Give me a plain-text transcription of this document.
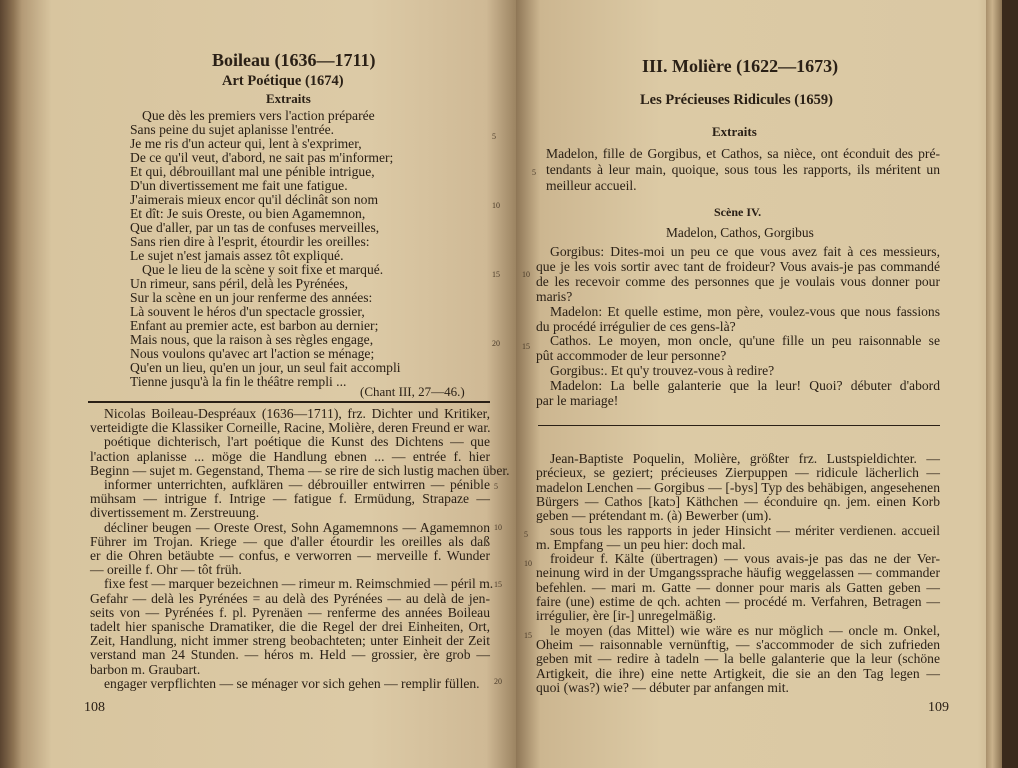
Boileau (1636—1711)
Art Poétique (1674)
Extraits
Que dès les premiers vers l'action préparée
Sans peine du sujet aplanisse l'entrée.
Je me ris d'un acteur qui, lent à s'exprimer,
De ce qu'il veut, d'abord, ne sait pas m'informer;
Et qui, débrouillant mal une pénible intrigue,
D'un divertissement me fait une fatigue.
J'aimerais mieux encor qu'il déclinât son nom
Et dît: Je suis Oreste, ou bien Agamemnon,
Que d'aller, par un tas de confuses merveilles,
Sans rien dire à l'esprit, étourdir les oreilles:
Le sujet n'est jamais assez tôt expliqué.
Que le lieu de la scène y soit fixe et marqué.
Un rimeur, sans péril, delà les Pyrénées,
Sur la scène en un jour renferme des années:
Là souvent le héros d'un spectacle grossier,
Enfant au premier acte, est barbon au dernier;
Mais nous, que la raison à ses règles engage,
Nous voulons qu'avec art l'action se ménage;
Qu'en un lieu, qu'en un jour, un seul fait accompli
Tienne jusqu'à la fin le théâtre rempli ...
5
10
15
20
(Chant III, 27—46.)
Nicolas Boileau-Despréaux (1636—1711), frz. Dichter und Kritiker,
verteidigte die Klassiker Corneille, Racine, Molière, deren Freund er war.
poétique dichterisch, l'art poétique die Kunst des Dichtens — que
l'action aplanisse ... möge die Handlung ebnen ... — entrée f. hier
Beginn — sujet m. Gegenstand, Thema — se rire de sich lustig machen über.
informer unterrichten, aufklären — débrouiller entwirren — pénible
mühsam — intrigue f. Intrige — fatigue f. Ermüdung, Strapaze —
divertissement m. Zerstreuung.
décliner beugen — Oreste Orest, Sohn Agamemnons — Agamemnon
Führer im Trojan. Kriege — que d'aller étourdir les oreilles als daß
er die Ohren betäubte — confus, e verworren — merveille f. Wunder
— oreille f. Ohr — tôt früh.
fixe fest — marquer bezeichnen — rimeur m. Reimschmied — péril m.
Gefahr — delà les Pyrénées = au delà des Pyrénées — au delà de jen-
seits von — Pyrénées f. pl. Pyrenäen — renferme des années Boileau
tadelt hier spanische Dramatiker, die die Regel der drei Einheiten, Ort,
Zeit, Handlung, nicht immer streng beobachteten; unter Einheit der Zeit
verstand man 24 Stunden. — héros m. Held — grossier, ère grob —
barbon m. Graubart.
engager verpflichten — se ménager vor sich gehen — remplir füllen.
5
10
15
20
108
III. Molière (1622—1673)
Les Précieuses Ridicules (1659)
Extraits
Madelon, fille de Gorgibus, et Cathos, sa nièce, ont éconduit des pré-
tendants à leur main, quoique, sous tous les rapports, ils méritent un
meilleur accueil.
5
Scène IV.
Madelon, Cathos, Gorgibus
Gorgibus: Dites-moi un peu ce que vous avez fait à ces messieurs,
que je les vois sortir avec tant de froideur? Vous avais-je pas commandé
de les recevoir comme des personnes que je voulais vous donner pour
maris?
Madelon: Et quelle estime, mon père, voulez-vous que nous fassions
du procédé irrégulier de ces gens-là?
Cathos. Le moyen, mon oncle, qu'une fille un peu raisonnable se
pût accommoder de leur personne?
Gorgibus:. Et qu'y trouvez-vous à redire?
Madelon: La belle galanterie que la leur! Quoi? débuter d'abord
par le mariage!
10
15
Jean-Baptiste Poquelin, Molière, größter frz. Lustspieldichter. —
précieux, se geziert; précieuses Zierpuppen — ridicule lächerlich —
madelon Lenchen — Gorgibus — [-bys] Typ des behäbigen, angesehenen
Bürgers — Cathos [katɔ] Käthchen — éconduire qn. jem. einen Korb
geben — prétendant m. (à) Bewerber (um).
sous tous les rapports in jeder Hinsicht — mériter verdienen. accueil
m. Empfang — un peu hier: doch mal.
froideur f. Kälte (übertragen) — vous avais-je pas das ne der Ver-
neinung wird in der Umgangssprache häufig weggelassen — commander
befehlen. — mari m. Gatte — donner pour maris als Gatten geben —
faire (une) estime de qch. achten — procédé m. Verfahren, Betragen —
irrégulier, ère [ir-] unregelmäßig.
le moyen (das Mittel) wie wäre es nur möglich — oncle m. Onkel,
Oheim — raisonnable vernünftig, — s'accommoder de sich zufrieden
geben mit — redire à tadeln — la belle galanterie que la leur (schöne
Artigkeit, die ihre) eine nette Artigkeit, die sie an den Tag legen —
quoi (was?) wie? — débuter par anfangen mit.
5
10
15
109
